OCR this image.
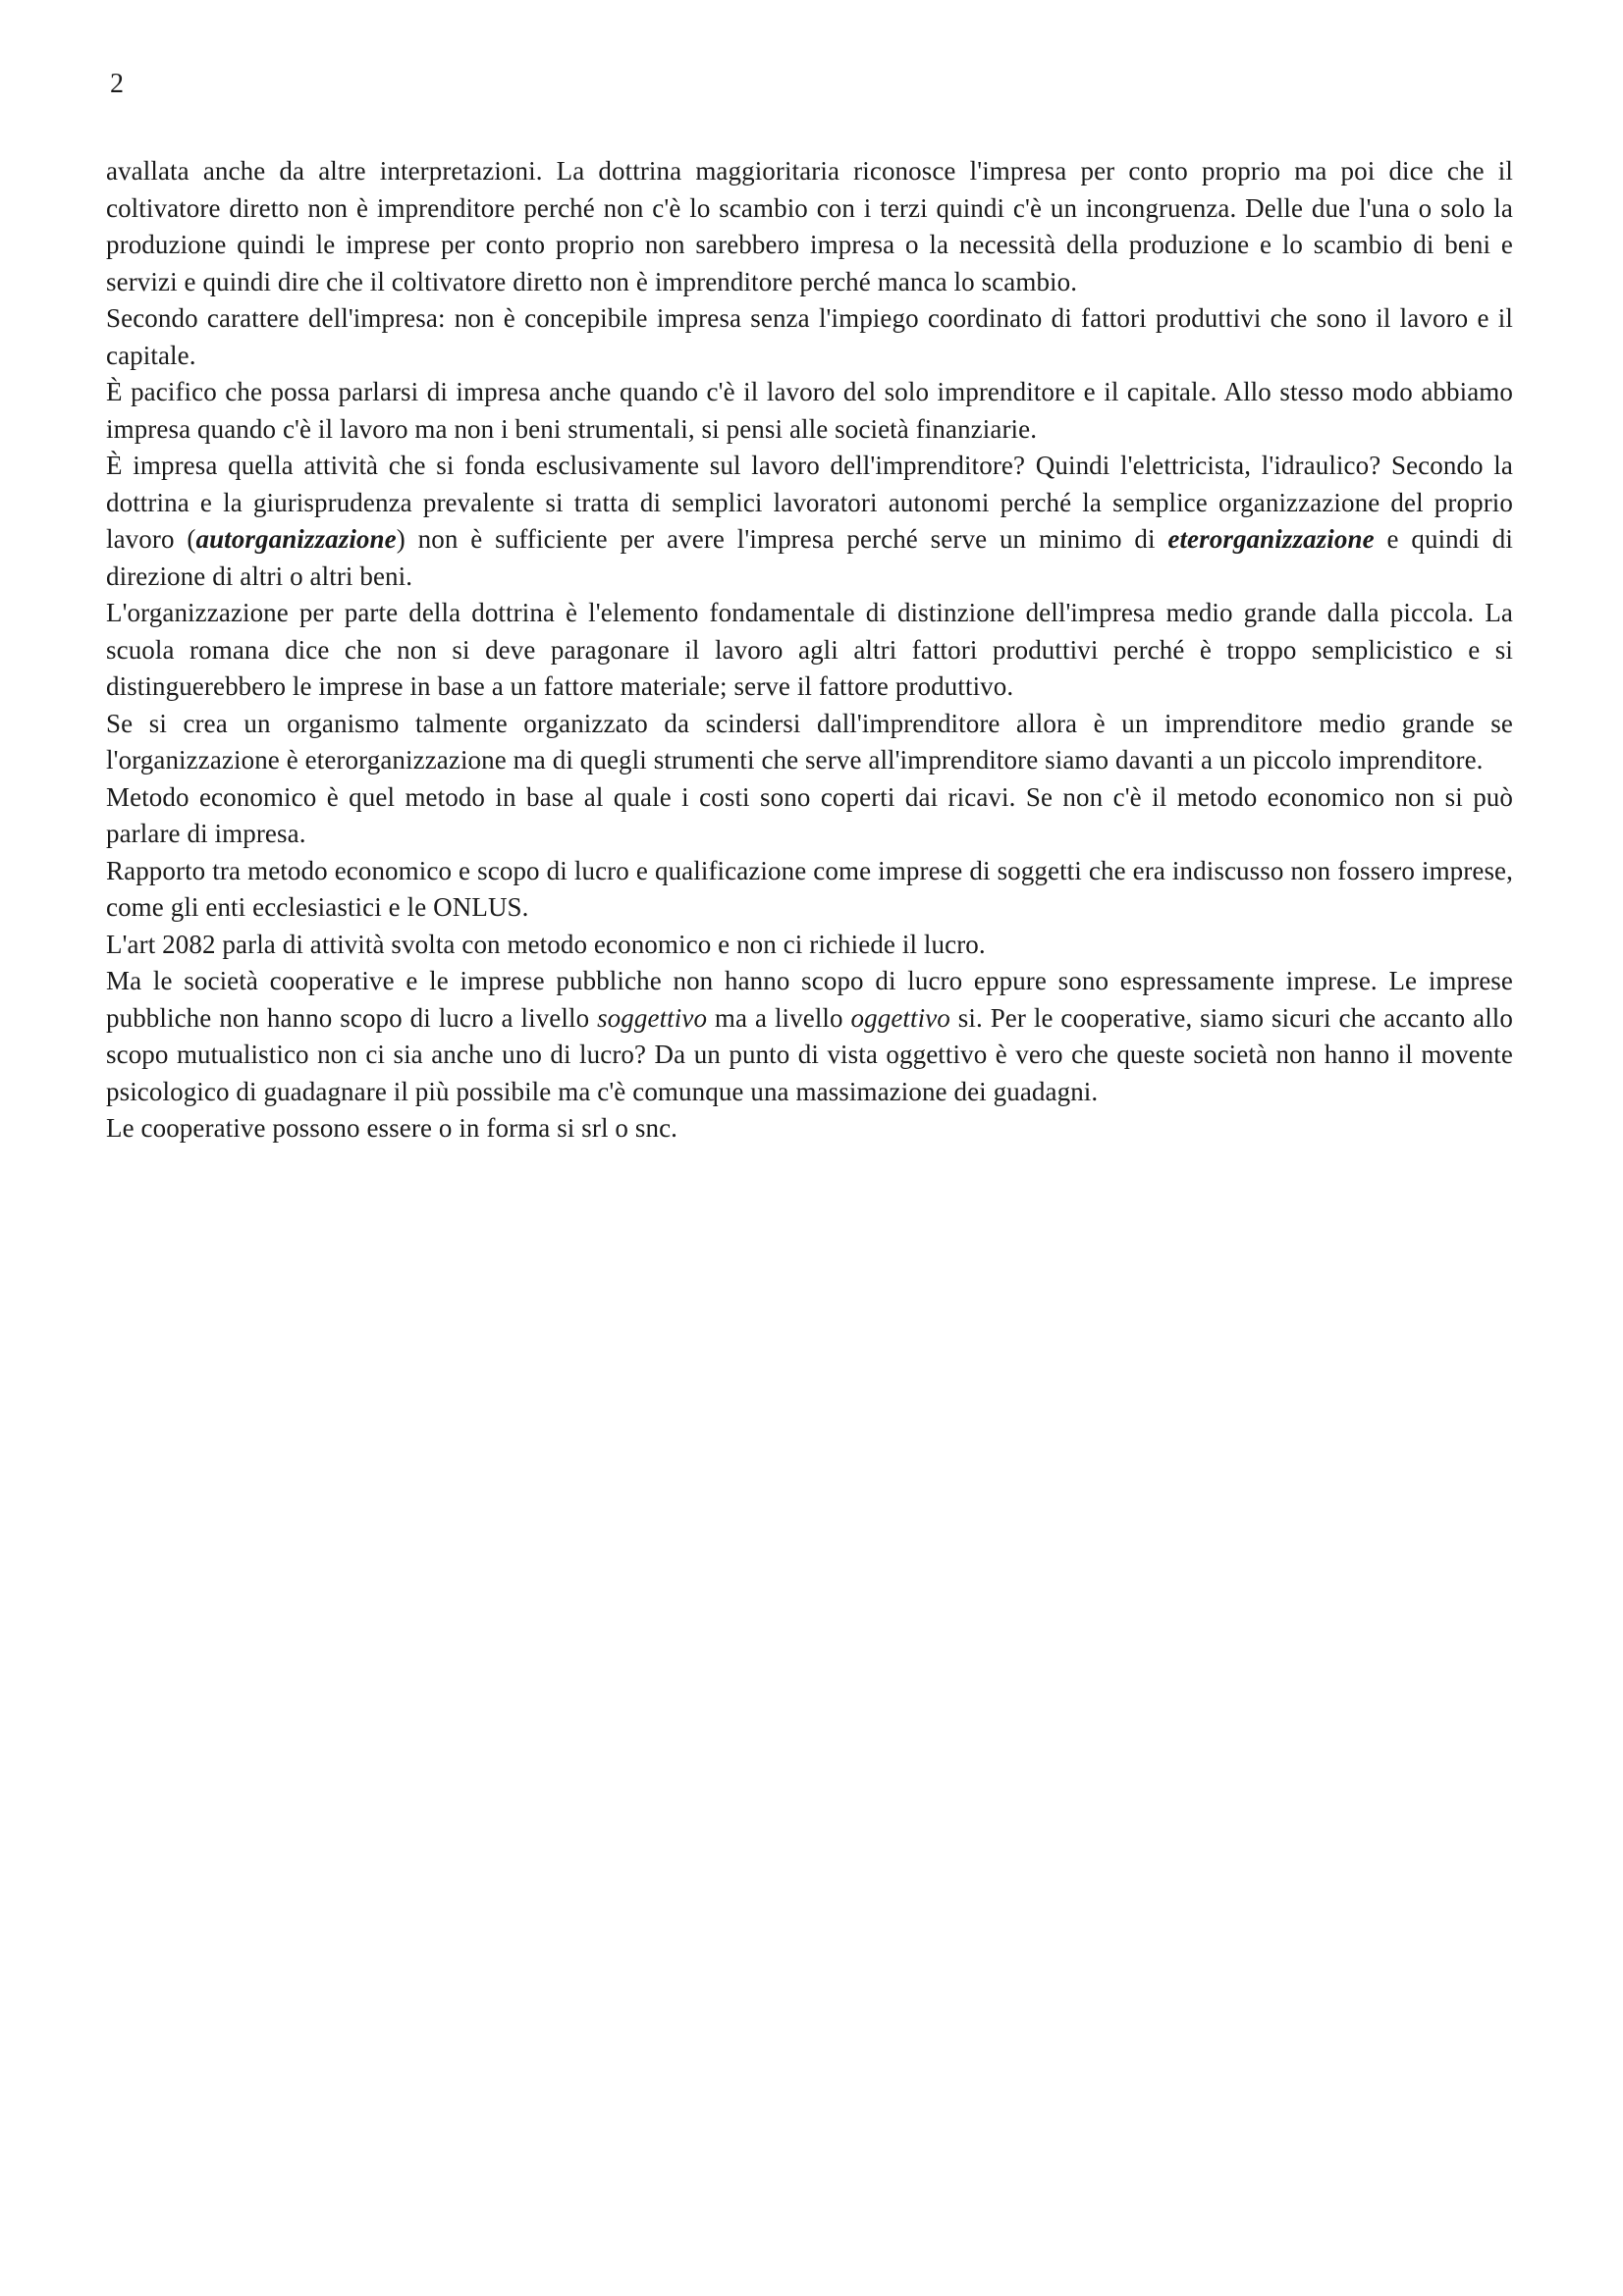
2

avallata anche da altre interpretazioni. La dottrina maggioritaria riconosce l'impresa per conto proprio ma poi dice che il coltivatore diretto non è imprenditore perché non c'è lo scambio con i terzi quindi c'è un incongruenza. Delle due l'una o solo la produzione quindi le imprese per conto proprio non sarebbero impresa o la necessità della produzione e lo scambio di beni e servizi e quindi dire che il coltivatore diretto non è imprenditore perché manca lo scambio.

Secondo carattere dell'impresa: non è concepibile impresa senza l'impiego coordinato di fattori produttivi che sono il lavoro e il capitale.

È pacifico che possa parlarsi di impresa anche quando c'è il lavoro del solo imprenditore e il capitale. Allo stesso modo abbiamo impresa quando c'è il lavoro ma non i beni strumentali, si pensi alle società finanziarie.

È impresa quella attività che si fonda esclusivamente sul lavoro dell'imprenditore? Quindi l'elettricista, l'idraulico? Secondo la dottrina e la giurisprudenza prevalente si tratta di semplici lavoratori autonomi perché la semplice organizzazione del proprio lavoro (autorganizzazione) non è sufficiente per avere l'impresa perché serve un minimo di eterorganizzazione e quindi di direzione di altri o altri beni.

L'organizzazione per parte della dottrina è l'elemento fondamentale di distinzione dell'impresa medio grande dalla piccola. La scuola romana dice che non si deve paragonare il lavoro agli altri fattori produttivi perché è troppo semplicistico e si distinguerebbero le imprese in base a un fattore materiale; serve il fattore produttivo.

Se si crea un organismo talmente organizzato da scindersi dall'imprenditore allora è un imprenditore medio grande se l'organizzazione è eterorganizzazione ma di quegli strumenti che serve all'imprenditore siamo davanti a un piccolo imprenditore.

Metodo economico è quel metodo in base al quale i costi sono coperti dai ricavi. Se non c'è il metodo economico non si può parlare di impresa.

Rapporto tra metodo economico e scopo di lucro e qualificazione come imprese di soggetti che era indiscusso non fossero imprese, come gli enti ecclesiastici e le ONLUS.

L'art 2082 parla di attività svolta con metodo economico e non ci richiede il lucro.

Ma le società cooperative e le imprese pubbliche non hanno scopo di lucro eppure sono espressamente imprese. Le imprese pubbliche non hanno scopo di lucro a livello soggettivo ma a livello oggettivo si. Per le cooperative, siamo sicuri che accanto allo scopo mutualistico non ci sia anche uno di lucro? Da un punto di vista oggettivo è vero che queste società non hanno il movente psicologico di guadagnare il più possibile ma c'è comunque una massimazione dei guadagni.

Le cooperative possono essere o in forma si srl o snc.
